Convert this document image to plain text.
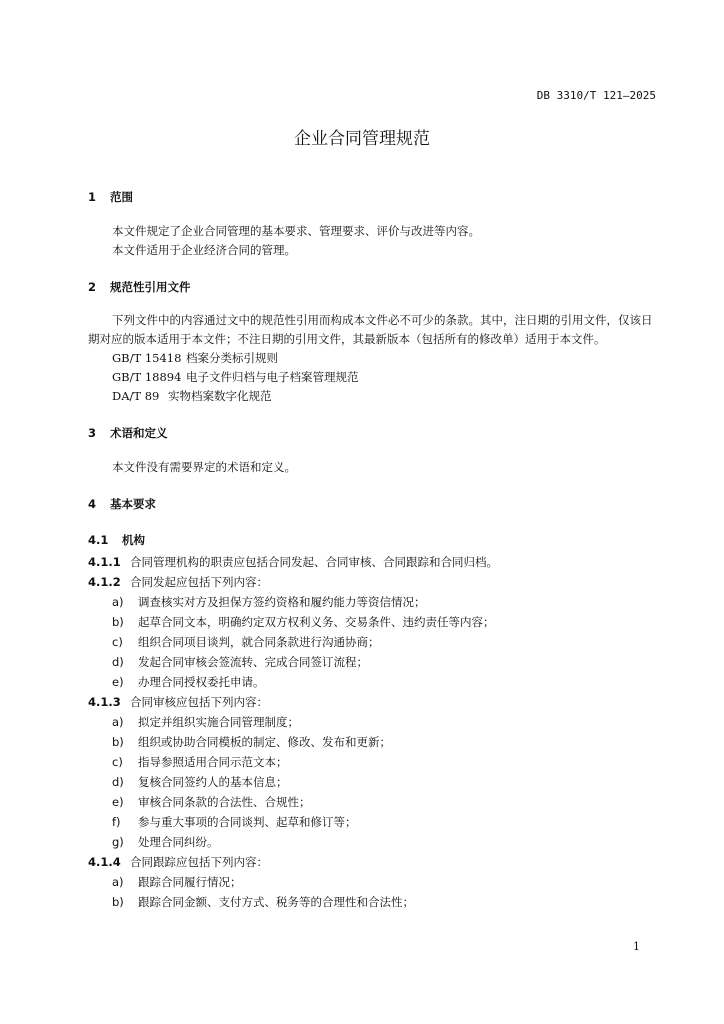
DB 3310/T 121—2025
企业合同管理规范
1 范围
本文件规定了企业合同管理的基本要求、管理要求、评价与改进等内容。
本文件适用于企业经济合同的管理。
2 规范性引用文件
下列文件中的内容通过文中的规范性引用而构成本文件必不可少的条款。其中，注日期的引用文件，仅该日期对应的版本适用于本文件；不注日期的引用文件，其最新版本（包括所有的修改单）适用于本文件。
GB/T 15418 档案分类标引规则
GB/T 18894 电子文件归档与电子档案管理规范
DA/T 89 实物档案数字化规范
3 术语和定义
本文件没有需要界定的术语和定义。
4 基本要求
4.1 机构
4.1.1 合同管理机构的职责应包括合同发起、合同审核、合同跟踪和合同归档。
4.1.2 合同发起应包括下列内容：
a) 调查核实对方及担保方签约资格和履约能力等资信情况；
b) 起草合同文本，明确约定双方权利义务、交易条件、违约责任等内容；
c) 组织合同项目谈判，就合同条款进行沟通协商；
d) 发起合同审核会签流转、完成合同签订流程；
e) 办理合同授权委托申请。
4.1.3 合同审核应包括下列内容：
a) 拟定并组织实施合同管理制度；
b) 组织或协助合同模板的制定、修改、发布和更新；
c) 指导参照适用合同示范文本；
d) 复核合同签约人的基本信息；
e) 审核合同条款的合法性、合规性；
f) 参与重大事项的合同谈判、起草和修订等；
g) 处理合同纠纷。
4.1.4 合同跟踪应包括下列内容：
a) 跟踪合同履行情况；
b) 跟踪合同金额、支付方式、税务等的合理性和合法性；
1
